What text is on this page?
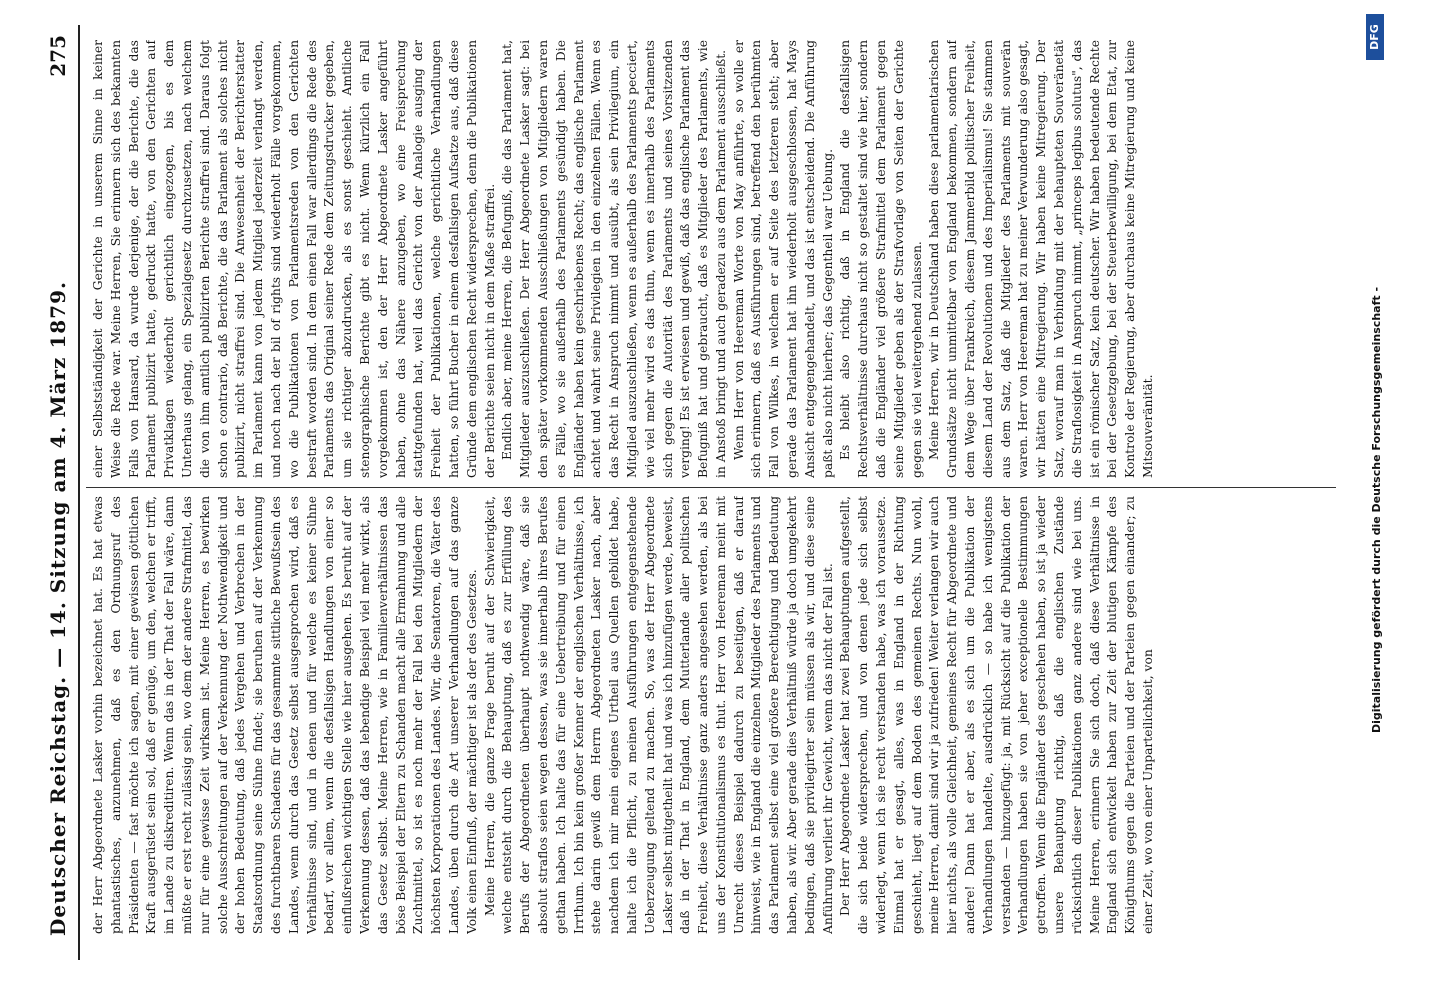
Deutscher Reichstag. — 14. Sitzung am 4. März 1879.
275

der Herr Abgeordnete Lasker vorhin bezeichnet hat. Es hat etwas phantastisches, anzunehmen, daß es den Ordnungsruf des Präsidenten — fast möchte ich sagen, mit einer gewissen göttlichen Kraft ausgerüstet sein sol, daß er genüge, um den, welchen er trifft, im Lande zu diskreditiren. Wenn das in der That der Fall wäre, dann müßte er erst recht zulässig sein, wo dem der andere Strafmittel, das nur für eine gewisse Zeit wirksam ist. Meine Herren, es bewirken solche Ausschreitungen auf der Verkennung der Nothwendigkeit und der hohen Bedeutung, daß jedes Vergehen und Verbrechen in der Staatsordnung seine Sühne findet; sie beruhen auf der Verkennung des furchtbaren Schadens für das gesammte sittliche Bewußtsein des Landes, wenn durch das Gesetz selbst ausgesprochen wird, daß es Verhältnisse sind, und in denen und für welche es keiner Sühne bedarf, vor allem, wenn die desfallsigen Handlungen von einer so einflußreichen wichtigen Stelle wie hier ausgehen. Es beruht auf der Verkennung dessen, daß das lebendige Beispiel viel mehr wirkt, als das Gesetz selbst. Meine Herren, wie in Familienverhältnissen das böse Beispiel der Eltern zu Schanden macht alle Ermahnung und alle Zuchtmittel, so ist es noch mehr der Fall bei den Mitgliedern der höchsten Korporationen des Landes. Wir, die Senatoren, die Väter des Landes, üben durch die Art unserer Verhandlungen auf das ganze Volk einen Einfluß, der mächtiger ist als der des Gesetzes. Meine Herren, die ganze Frage beruht auf der Schwierigkeit, welche entsteht durch die Behauptung, daß es zur Erfüllung des Berufs der Abgeordneten überhaupt nothwendig wäre, daß sie absolut straflos seien wegen dessen, was sie innerhalb ihres Berufes gethan haben. Ich halte das für eine Uebertreibung und für einen Irrthum. Ich bin kein großer Kenner der englischen Verhältnisse, ich stehe darin gewiß dem Herrn Abgeordneten Lasker nach, aber nachdem ich mir mein eigenes Urtheil aus Quellen gebildet habe, halte ich die Pflicht, zu meinen Ausführungen entgegenstehende Ueberzeugung geltend zu machen. So, was der Herr Abgeordnete Lasker selbst mitgetheilt hat und was ich hinzufügen werde, beweist, daß in der That in England, dem Mutterlande aller politischen Freiheit, diese Verhältnisse ganz anders angesehen werden, als bei uns der Konstitutionalismus es thut. Herr von Heereman meint mit Unrecht dieses Beispiel dadurch zu beseitigen, daß er darauf hinweist, wie in England die einzelnen Mitglieder des Parlaments und das Parlament selbst eine viel größere Berechtigung und Bedeutung haben, als wir. Aber gerade dies Verhältniß würde ja doch umgekehrt bedingen, daß sie privilegirter sein müssen als wir, und diese seine Anführung verliert ihr Gewicht, wenn das nicht der Fall ist. Der Herr Abgeordnete Lasker hat zwei Behauptungen aufgestellt, die sich beide widersprechen, und von denen jede sich selbst widerlegt, wenn ich sie recht verstanden habe, was ich voraussetze. Einmal hat er gesagt, alles, was in England in der Richtung geschieht, liegt auf dem Boden des gemeinen Rechts. Nun wohl, meine Herren, damit sind wir ja zufrieden! Weiter verlangen wir auch hier nichts, als volle Gleichheit, gemeines Recht für Abgeordnete und andere! Dann hat er aber, als es sich um die Publikation der Verhandlungen handelte, ausdrücklich — so habe ich wenigstens verstanden — hinzugefügt: ja, mit Rücksicht auf die Publikation der Verhandlungen haben sie von jeher exceptionelle Bestimmungen getroffen. Wenn die Engländer des geschehen haben, so ist ja wieder unsere Behauptung richtig, daß die englischen Zustände rücksichtlich dieser Publikationen ganz andere sind wie bei uns. Meine Herren, erinnern Sie sich doch, daß diese Verhältnisse in England sich entwickelt haben zur Zeit der blutigen Kämpfe des Königthums gegen die Parteien und der Parteien gegen einander; zu einer Zeit, wo von einer Unparteilichkeit, von

einer Selbstständigkeit der Gerichte in unserem Sinne in keiner Weise die Rede war. Meine Herren, Sie erinnern sich des bekannten Falls von Hansard, da wurde derjenige, der die Berichte, die das Parlament publizirt hatte, gedruckt hatte, von den Gerichten auf Privatklagen wiederholt gerichtlich eingezogen, bis es dem Unterhaus gelang, ein Spezialgesetz durchzusetzen, nach welchem die von ihm amtlich publizirten Berichte straffrei sind. Daraus folgt schon e contrario, daß Berichte, die das Parlament als solches nicht publizirt, nicht straffrei sind. Die Anwesenheit der Berichterstatter im Parlament kann von jedem Mitglied jederzeit verlangt werden, und noch nach der bil of rights sind wiederholt Fälle vorgekommen, wo die Publikationen von Parlamentsreden von den Gerichten bestraft worden sind. In dem einen Fall war allerdings die Rede des Parlaments das Original seiner Rede dem Zeitungsdrucker gegeben, um sie richtiger abzudrucken, als es sonst geschieht. Amtliche stenographische Berichte gibt es nicht. Wenn kürzlich ein Fall vorgekommen ist, den der Herr Abgeordnete Lasker angeführt haben, ohne das Nähere anzugeben, wo eine Freisprechung stattgefunden hat, weil das Gericht von der Analogie ausging der Freiheit der Publikationen, welche gerichtliche Verhandlungen hatten, so führt Bucher in einem desfallsigen Aufsatze aus, daß diese Gründe dem englischen Recht widersprechen, denn die Publikationen der Berichte seien nicht in dem Maße straffrei. Endlich aber, meine Herren, die Befugniß, die das Parlament hat, Mitglieder auszuschließen. Der Herr Abgeordnete Lasker sagt: bei den später vorkommenden Ausschließungen von Mitgliedern waren es Fälle, wo sie außerhalb des Parlaments gesündigt haben. Die Engländer haben kein geschriebenes Recht; das englische Parlament achtet und wahrt seine Privilegien in den einzelnen Fällen. Wenn es das Recht in Anspruch nimmt und ausübt, als sein Privilegium, ein Mitglied auszuschließen, wenn es außerhalb des Parlaments pecciert, wie viel mehr wird es das thun, wenn es innerhalb des Parlaments sich gegen die Autorität des Parlaments und seines Vorsitzenden verging! Es ist erwiesen und gewiß, daß das englische Parlament das Befugniß hat und gebraucht, daß es Mitglieder des Parlaments, wie in Anstoß bringt und auch geradezu aus dem Parlament ausschließt. Wenn Herr von Heereman Worte von May anführte, so wolle er sich erinnern, daß es Ausführungen sind, betreffend den berühmten Fall von Wilkes, in welchem er auf Seite des letzteren steht; aber gerade das Parlament hat ihn wiederholt ausgeschlossen, hat Mays Ansicht entgegengehandelt, und das ist entscheidend. Die Anführung paßt also nicht hierher; das Gegentheil war Uebung. Es bleibt also richtig, daß in England die desfallsigen Rechtsverhältnisse durchaus nicht so gestaltet sind wie hier, sondern daß die Engländer viel größere Strafmittel dem Parlament gegen seine Mitglieder geben als der Strafvorlage von Seiten der Gerichte gegen sie viel weitergehend zulassen. Meine Herren, wir in Deutschland haben diese parlamentarischen Grundsätze nicht unmittelbar von England bekommen, sondern auf dem Wege über Frankreich, diesem Jammerbild politischer Freiheit, diesem Land der Revolutionen und des Imperialismus! Sie stammen aus dem Satz, daß die Mitglieder des Parlaments mit souverän waren. Herr von Heereman hat zu meiner Verwunderung also gesagt, wir hätten eine Mitregierung. Wir haben keine Mitregierung. Der Satz, worauf man in Verbindung mit der behaupteten Souveränetät die Straflosigkeit in Anspruch nimmt, „princeps legibus solutus", das ist ein römischer Satz, kein deutscher. Wir haben bedeutende Rechte bei der Gesetzgebung, bei der Steuerbewilligung, bei dem Etat, zur Kontrole der Regierung, aber durchaus keine Mitregierung und keine Mitsouveränität.	Digitalisierung gefördert durch die Deutsche Forschungsgemeinschaft -
DFG
